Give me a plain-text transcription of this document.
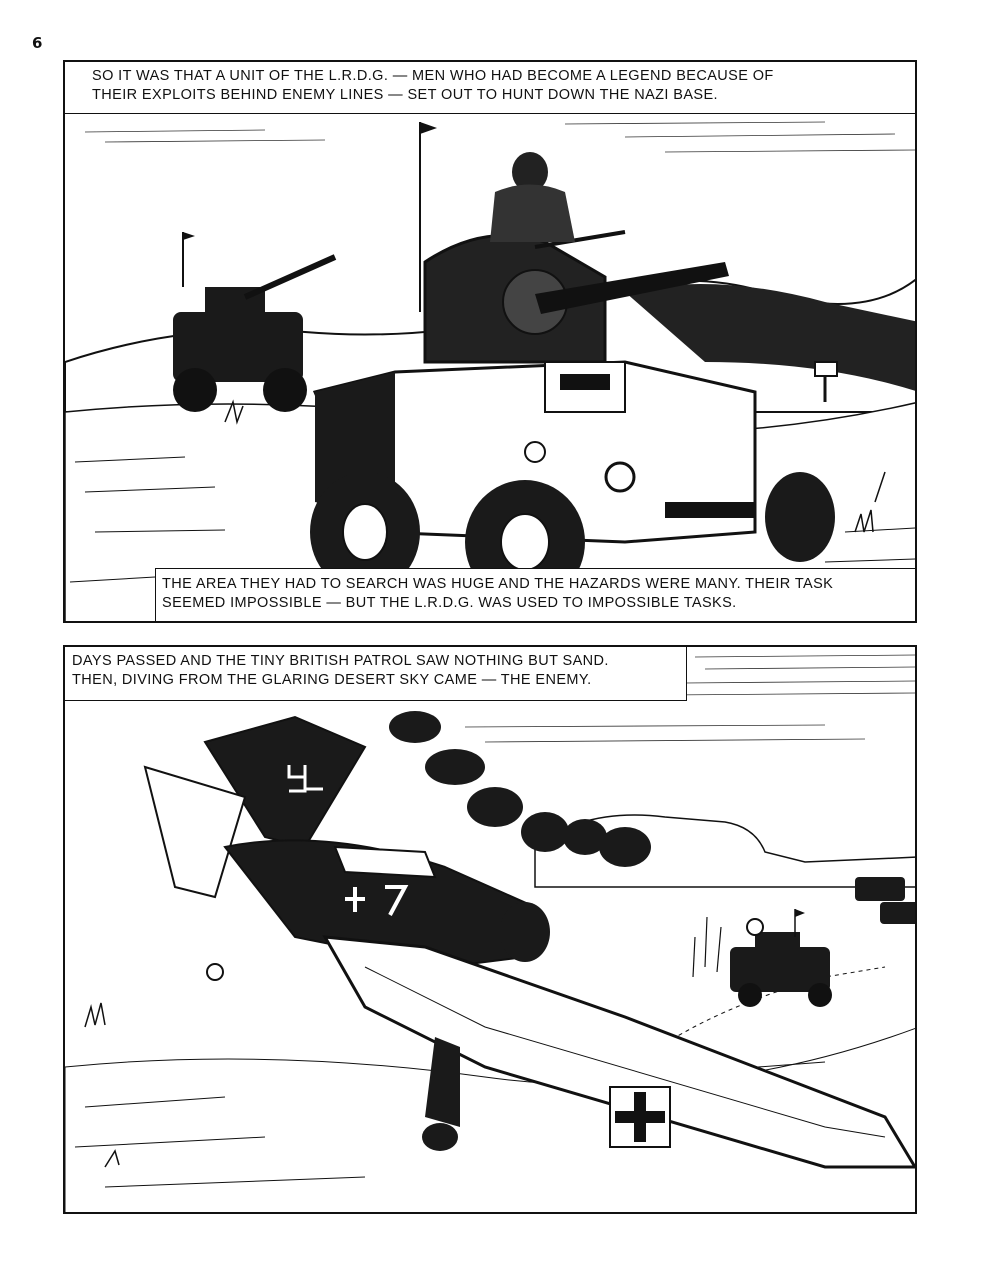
6
SO IT WAS THAT A UNIT OF THE L.R.D.G. — MEN WHO HAD BECOME A LEGEND BECAUSE OF
THEIR EXPLOITS BEHIND ENEMY LINES — SET OUT TO HUNT DOWN THE NAZI BASE.
THE AREA THEY HAD TO SEARCH WAS HUGE AND THE HAZARDS WERE MANY. THEIR TASK
SEEMED IMPOSSIBLE — BUT THE L.R.D.G. WAS USED TO IMPOSSIBLE TASKS.
DAYS PASSED AND THE TINY BRITISH PATROL SAW NOTHING BUT SAND.
THEN, DIVING FROM THE GLARING DESERT SKY CAME — THE ENEMY.
